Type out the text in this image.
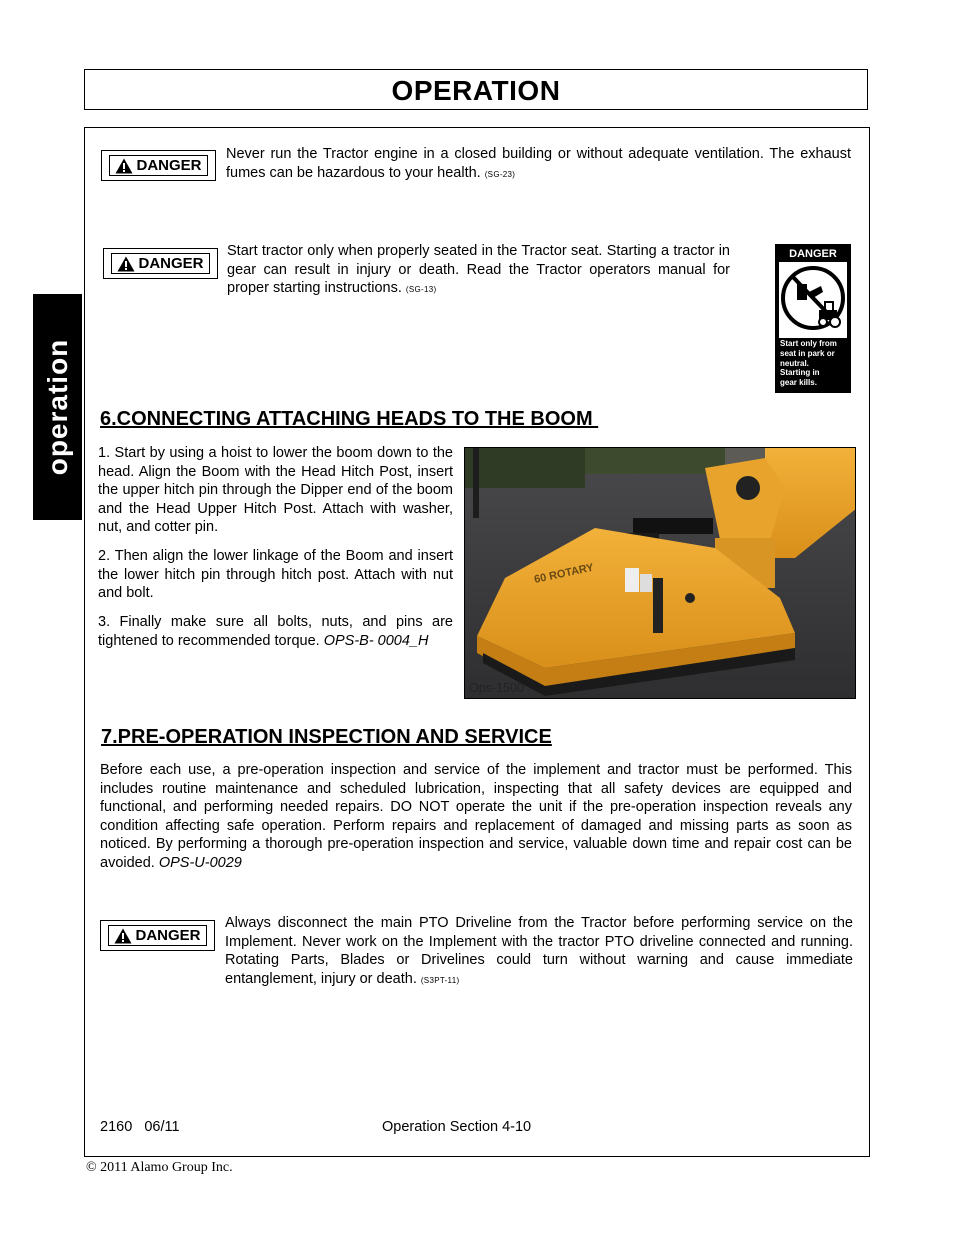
OPERATION
operation
DANGER
Never run the Tractor engine in a closed building or without adequate ventilation. The exhaust fumes can be hazardous to your health. (SG-23)
DANGER
Start tractor only when properly seated in the Tractor seat. Starting a tractor in gear can result in injury or death. Read the Tractor operators manual for proper starting instructions. (SG-13)
DANGER
Start only from
seat in park or
neutral.
Starting in
gear kills.
6.CONNECTING ATTACHING HEADS TO THE BOOM
1. Start by using a hoist to lower the boom down to the head. Align the Boom with the Head Hitch Post, insert the upper hitch pin through the Dipper end of the boom and the Head Upper Hitch Post. Attach with washer, nut, and cotter pin.
2. Then align the lower linkage of the Boom and insert the lower hitch pin through hitch post. Attach with nut and bolt.
3. Finally make sure all bolts, nuts, and pins are tightened to recommended torque. OPS-B- 0004_H
60 ROTARY
Ops-1500
7.PRE-OPERATION INSPECTION AND SERVICE
Before each use, a pre-operation inspection and service of the implement and tractor must be performed. This includes routine maintenance and scheduled lubrication, inspecting that all safety devices are equipped and functional, and performing needed repairs. DO NOT operate the unit if the pre-operation inspection reveals any condition affecting safe operation. Perform repairs and replacement of damaged and missing parts as soon as noticed. By performing a thorough pre-operation inspection and service, valuable down time and repair cost can be avoided. OPS-U-0029
DANGER
Always disconnect the main PTO Driveline from the Tractor before performing service on the Implement. Never work on the Implement with the tractor PTO driveline connected and running. Rotating Parts, Blades or Drivelines could turn without warning and cause immediate entanglement, injury or death. (S3PT-11)
2160   06/11	Operation Section 4-10
© 2011 Alamo Group Inc.
